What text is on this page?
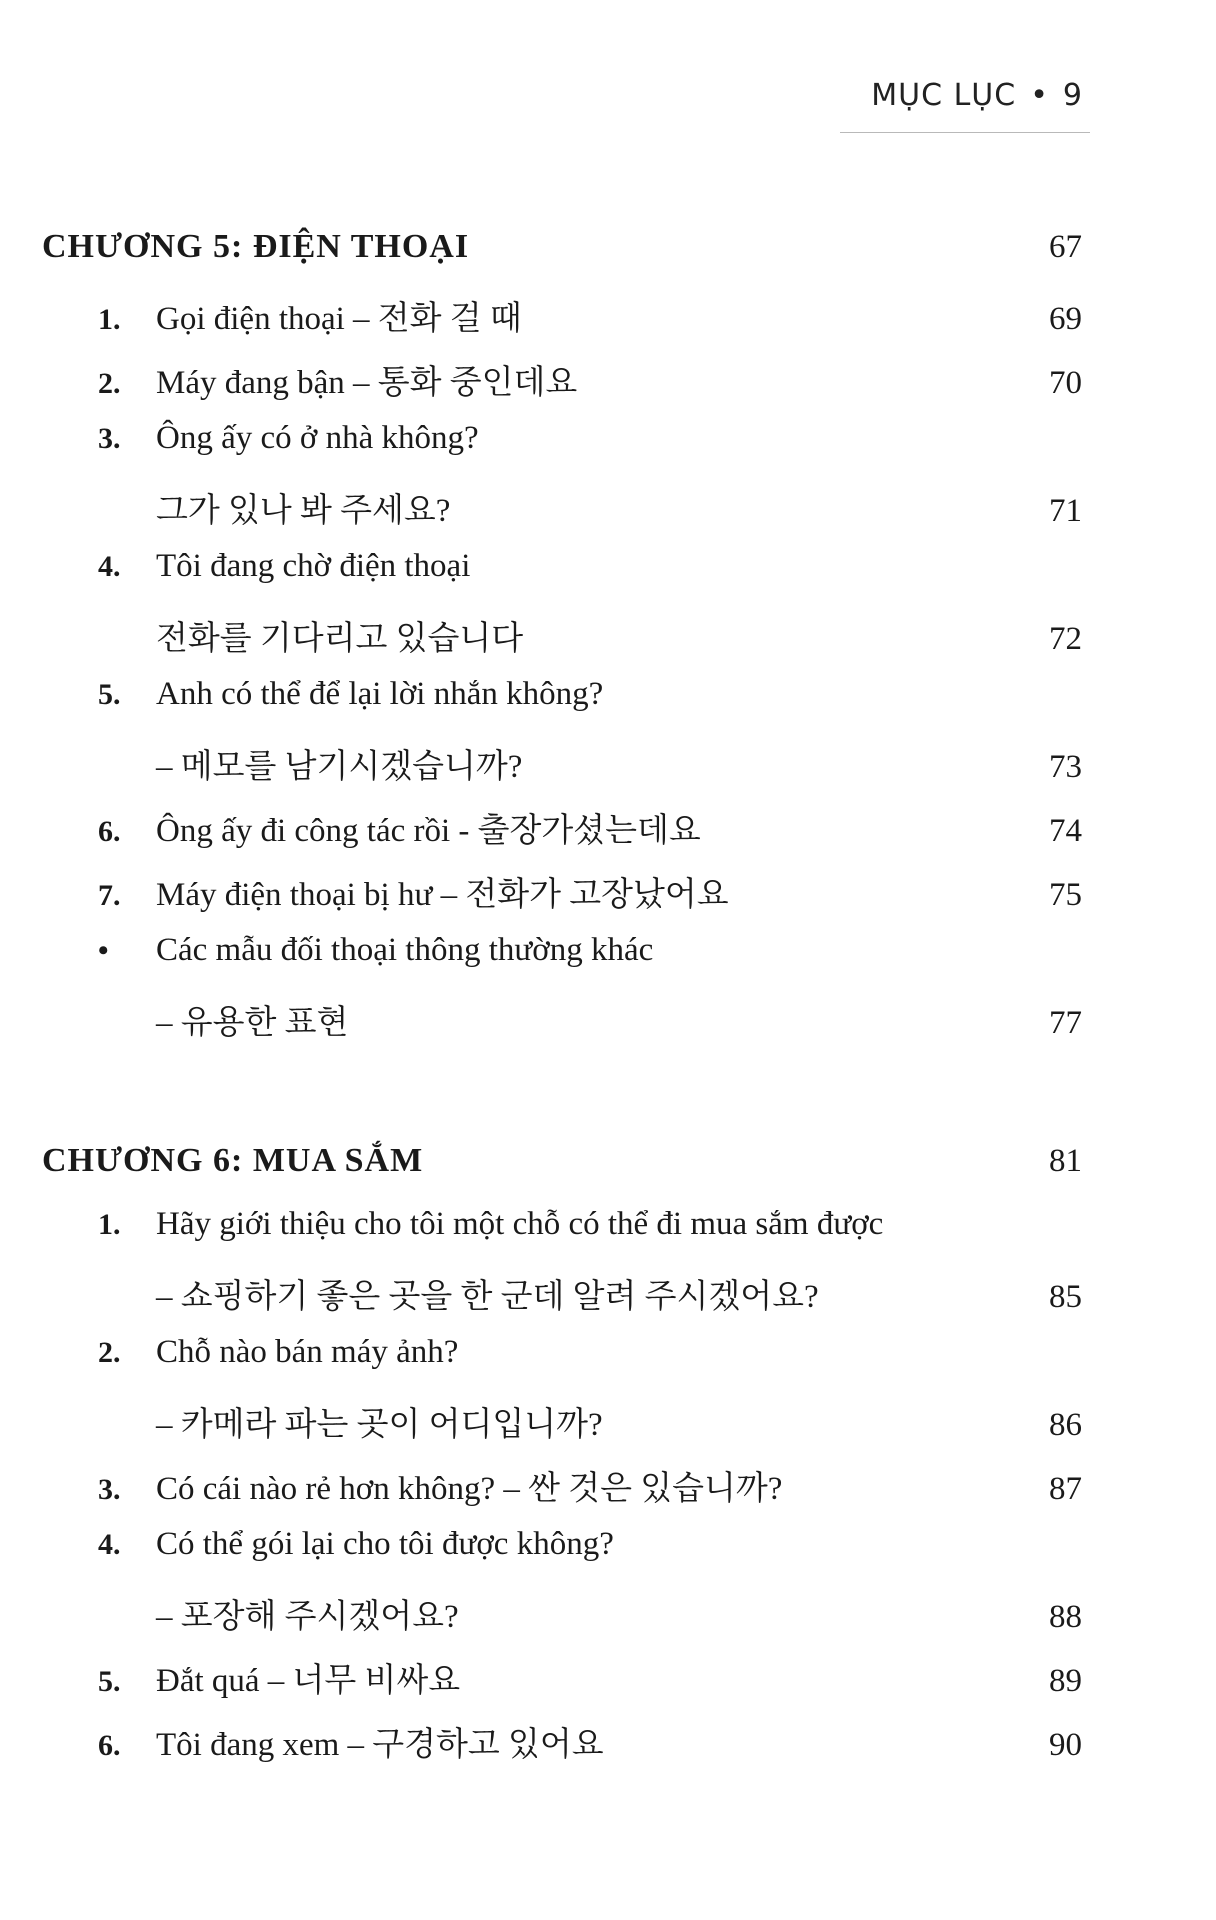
MỤC LỤC • 9
CHƯƠNG 5: ĐIỆN THOẠI	67
1.	Gọi điện thoại – 전화 걸 때	69
2.	Máy đang bận – 통화 중인데요	70
3.	Ông ấy có ở nhà không?
그가 있나 봐 주세요?	71
4.	Tôi đang chờ điện thoại
전화를 기다리고 있습니다	72
5.	Anh có thể để lại lời nhắn không?
– 메모를 남기시겠습니까?	73
6.	Ông ấy đi công tác rồi - 출장가셨는데요	74
7.	Máy điện thoại bị hư – 전화가 고장났어요	75
•	Các mẫu đối thoại thông thường khác
– 유용한 표현	77
CHƯƠNG 6: MUA SẮM	81
1.	Hãy giới thiệu cho tôi một chỗ có thể đi mua sắm được
– 쇼핑하기 좋은 곳을 한 군데 알려 주시겠어요?	85
2.	Chỗ nào bán máy ảnh?
– 카메라 파는 곳이 어디입니까?	86
3.	Có cái nào rẻ hơn không? – 싼 것은 있습니까?	87
4.	Có thể gói lại cho tôi được không?
– 포장해 주시겠어요?	88
5.	Đắt quá – 너무 비싸요	89
6.	Tôi đang xem – 구경하고 있어요	90
